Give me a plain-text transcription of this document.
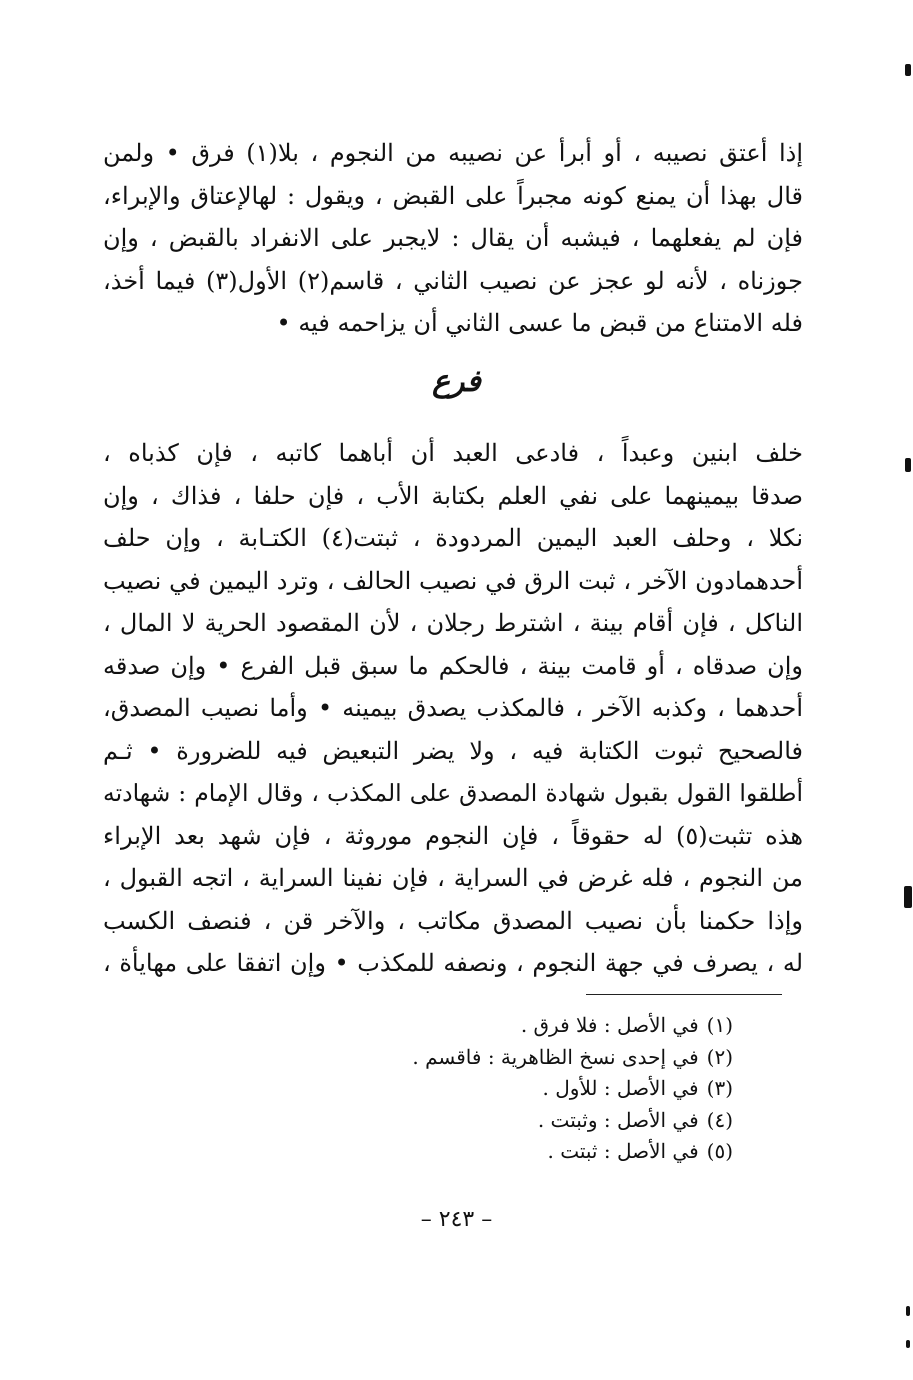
إذا أعتق نصيبه ، أو أبرأ عن نصيبه من النجوم ، بلا(١) فرق • ولمن
قال بهذا أن يمنع كونه مجبراً على القبض ، ويقول : لهالإعتاق والإبراء،
فإن لم يفعلهما ، فيشبه أن يقال : لايجبر على الانفراد بالقبض ، وإن
جوزناه ، لأنه لو عجز عن نصيب الثاني ، قاسم(٢) الأول(٣) فيما أخذ،
فله الامتناع من قبض ما عسى الثاني أن يزاحمه فيه •
فرع
خلف ابنين وعبداً ، فادعى العبد أن أباهما كاتبه ، فإن كذباه ،
صدقا بيمينهما على نفي العلم بكتابة الأب ، فإن حلفا ، فذاك ، وإن
نكلا ، وحلف العبد اليمين المردودة ، ثبتت(٤) الكتـابة ، وإن حلف
أحدهمادون الآخر ، ثبت الرق في نصيب الحالف ، وترد اليمين في نصيب
الناكل ، فإن أقام بينة ، اشترط رجلان ، لأن المقصود الحرية لا المال ،
وإن صدقاه ، أو قامت بينة ، فالحكم ما سبق قبل الفرع • وإن صدقه
أحدهما ، وكذبه الآخر ، فالمكذب يصدق بيمينه • وأما نصيب المصدق،
فالصحيح ثبوت الكتابة فيه ، ولا يضر التبعيض فيه للضرورة • ثـم
أطلقوا القول بقبول شهادة المصدق على المكذب ، وقال الإمام : شهادته
هذه تثبت(٥) له حقوقاً ، فإن النجوم موروثة ، فإن شهد بعد الإبراء
من النجوم ، فله غرض في السراية ، فإن نفينا السراية ، اتجه القبول ،
وإذا حكمنا بأن نصيب المصدق مكاتب ، والآخر قن ، فنصف الكسب
له ، يصرف في جهة النجوم ، ونصفه للمكذب • وإن اتفقا على مهايأة ،
(١)في الأصل : فلا فرق .
(٢)في إحدى نسخ الظاهرية : فاقسم .
(٣)في الأصل : للأول .
(٤)في الأصل : وثبتت .
(٥)في الأصل : ثبتت .
– ٢٤٣ –
